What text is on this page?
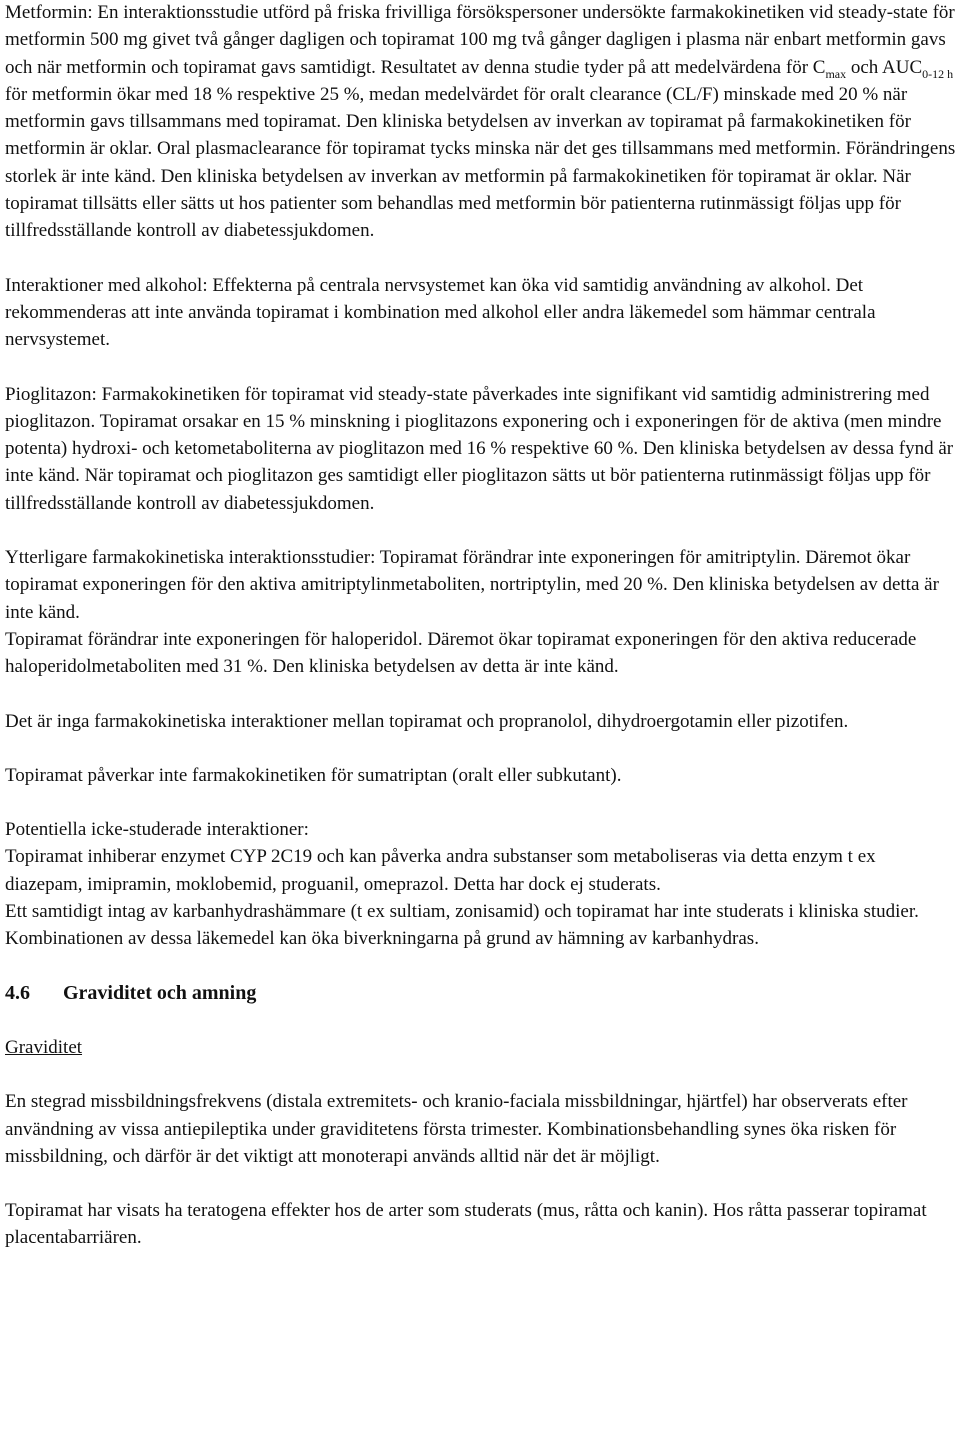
Metformin: En interaktionsstudie utförd på friska frivilliga försökspersoner undersökte farmakokinetiken vid steady-state för metformin 500 mg givet två gånger dagligen och topiramat 100 mg två gånger dagligen i plasma när enbart metformin gavs och när metformin och topiramat gavs samtidigt. Resultatet av denna studie tyder på att medelvärdena för $C_{max}$ och $AUC_{0-12 h}$ för metformin ökar med 18 % respektive 25 %, medan medelvärdet för oralt clearance (CL/F) minskade med 20 % när metformin gavs tillsammans med topiramat. Den kliniska betydelsen av inverkan av topiramat på farmakokinetiken för metformin är oklar. Oral plasmaclearance för topiramat tycks minska när det ges tillsammans med metformin. Förändringens storlek är inte känd. Den kliniska betydelsen av inverkan av metformin på farmakokinetiken för topiramat är oklar. När topiramat tillsätts eller sätts ut hos patienter som behandlas med metformin bör patienterna rutinmässigt följas upp för tillfredsställande kontroll av diabetessjukdomen.

Interaktioner med alkohol: Effekterna på centrala nervsystemet kan öka vid samtidig användning av alkohol. Det rekommenderas att inte använda topiramat i kombination med alkohol eller andra läkemedel som hämmar centrala nervsystemet.

Pioglitazon: Farmakokinetiken för topiramat vid steady-state påverkades inte signifikant vid samtidig administrering med pioglitazon. Topiramat orsakar en 15 % minskning i pioglitazons exponering och i exponeringen för de aktiva (men mindre potenta) hydroxi- och ketometaboliterna av pioglitazon med 16 % respektive 60 %. Den kliniska betydelsen av dessa fynd är inte känd. När topiramat och pioglitazon ges samtidigt eller pioglitazon sätts ut bör patienterna rutinmässigt följas upp för tillfredsställande kontroll av diabetessjukdomen.

Ytterligare farmakokinetiska interaktionsstudier: Topiramat förändrar inte exponeringen för amitriptylin. Däremot ökar topiramat exponeringen för den aktiva amitriptylinmetaboliten, nortriptylin, med 20 %. Den kliniska betydelsen av detta är inte känd.

Topiramat förändrar inte exponeringen för haloperidol. Däremot ökar topiramat exponeringen för den aktiva reducerade haloperidolmetaboliten med 31 %. Den kliniska betydelsen av detta är inte känd.

Det är inga farmakokinetiska interaktioner mellan topiramat och propranolol, dihydroergotamin eller pizotifen.

Topiramat påverkar inte farmakokinetiken för sumatriptan (oralt eller subkutant).

Potentiella icke-studerade interaktioner:

Topiramat inhiberar enzymet CYP 2C19 och kan påverka andra substanser som metaboliseras via detta enzym t ex diazepam, imipramin, moklobemid, proguanil, omeprazol. Detta har dock ej studerats.

Ett samtidigt intag av karbanhydrashämmare (t ex sultiam, zonisamid) och topiramat har inte studerats i kliniska studier. Kombinationen av dessa läkemedel kan öka biverkningarna på grund av hämning av karbanhydras.

4.6 Graviditet och amning

Graviditet

En stegrad missbildningsfrekvens (distala extremitets- och kranio-faciala missbildningar, hjärtfel) har observerats efter användning av vissa antiepileptika under graviditetens första trimester. Kombinationsbehandling synes öka risken för missbildning, och därför är det viktigt att monoterapi används alltid när det är möjligt.

Topiramat har visats ha teratogena effekter hos de arter som studerats (mus, råtta och kanin). Hos råtta passerar topiramat placentabarriären.
